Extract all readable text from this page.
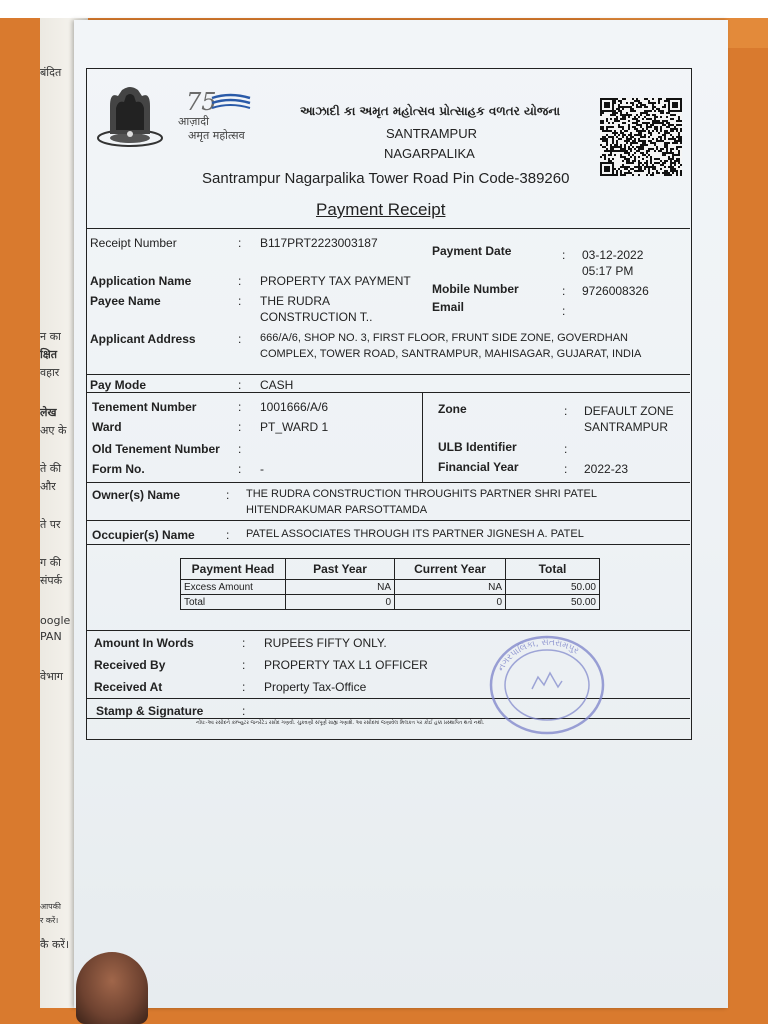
बंदित
न का
क्षित
वहार
लेख
अए के
ते की
और
ते पर
ग की
संपर्क
oogle
PAN
वेभाग
आपकी
र करें।
कै करें।
75
आज़ादी
अमृत महोत्सव
આઝાદી કા અમૃત મહોત્સવ પ્રોત્સાહક વળતર યોજના
SANTRAMPUR
NAGARPALIKA
Santrampur Nagarpalika Tower Road Pin Code-389260
Payment Receipt
Receipt Number	: B117PRT2223003187
Payment Date	: 03-12-2022
05:17 PM
Application Name	: PROPERTY TAX PAYMENT
Mobile Number	: 9726008326
Payee Name	: THE RUDRA
CONSTRUCTION T..
Email	:
Applicant Address	: 666/A/6, SHOP NO. 3, FIRST FLOOR, FRUNT SIDE ZONE, GOVERDHAN
COMPLEX, TOWER ROAD, SANTRAMPUR, MAHISAGAR, GUJARAT, INDIA
Pay Mode	: CASH
Tenement Number	: 1001666/A/6	Zone	: DEFAULT ZONE
SANTRAMPUR
Ward	: PT_WARD 1
Old Tenement Number :	ULB Identifier	:
Form No.	: -	Financial Year	: 2022-23
Owner(s) Name	: THE RUDRA CONSTRUCTION THROUGHITS PARTNER SHRI PATEL
HITENDRAKUMAR PARSOTTAMDA
Occupier(s) Name	: PATEL ASSOCIATES THROUGH ITS PARTNER JIGNESH A. PATEL
Payment Head	Past Year	Current Year	Total
Excess Amount	NA	NA	50.00
Total	0	0	50.00
Amount In Words	: RUPEES FIFTY ONLY.
Received By	: PROPERTY TAX L1 OFFICER
Received At	: Property Tax-Office
Stamp & Signature	:
નોંધ:-આ રસીદને કમ્પ્યુટર જનરેટેડ રસીદ ગણવી. ચુકવણી સંપૂર્ણ ગ્રાહ્ય ગણાશે. આ રસીદમાં જણાવેલ મિલકત પર કોઈ હક્ક પ્રસ્થાપિત થતો નથી.
નગરપાલિકા, સંતરામપુર
